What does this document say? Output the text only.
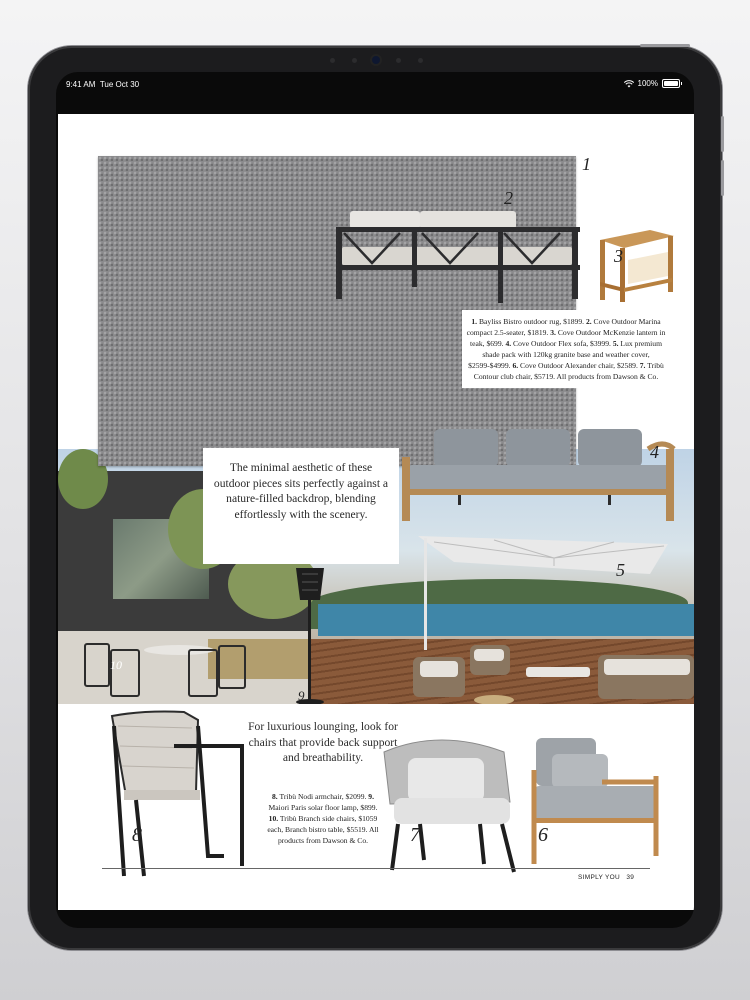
9:41 AM Tue Oct 30	100%
The minimal aesthetic of these outdoor pieces sits perfectly against a nature-filled backdrop, blending effortlessly with the scenery.
1. Bayliss Bistro outdoor rug, $1899. 2. Cove Outdoor Marina compact 2.5-seater, $1819. 3. Cove Outdoor McKenzie lantern in teak, $699. 4. Cove Outdoor Flex sofa, $3999. 5. Lux premium shade pack with 120kg granite base and weather cover, $2599-$4999. 6. Cove Outdoor Alexander chair, $2589. 7. Tribù Contour club chair, $5719. All products from Dawson & Co.
For luxurious lounging, look for chairs that provide back support and breathability.
8. Tribù Nodi armchair, $2099. 9. Maiori Paris solar floor lamp, $899. 10. Tribù Branch side chairs, $1059 each, Branch bistro table, $5519. All products from Dawson & Co.
1
2
3
4
5
6
7
8
9
10
SIMPLY YOU 39
